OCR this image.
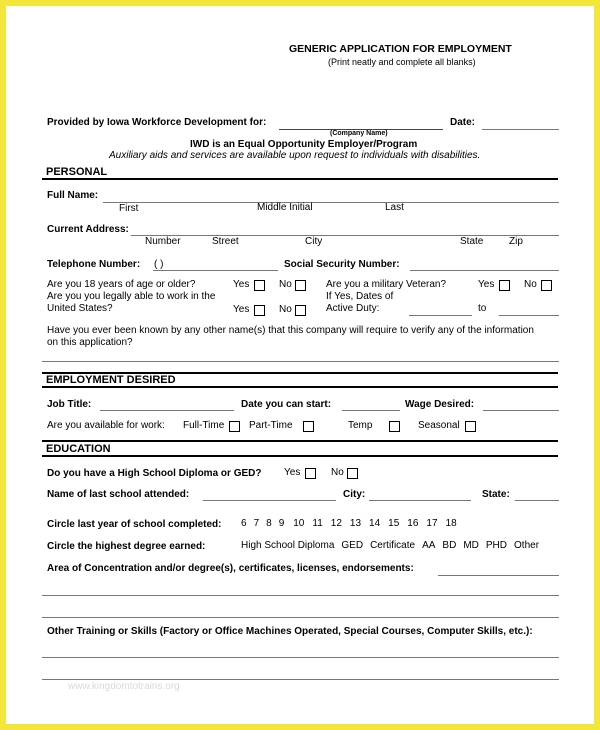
GENERIC APPLICATION FOR EMPLOYMENT
(Print neatly and complete all blanks)
Provided by Iowa Workforce Development for:
(Company Name)
Date:
IWD is an Equal Opportunity Employer/Program
Auxiliary aids and services are available upon request to individuals with disabilities.
PERSONAL
Full Name:
First	Middle Initial	Last
Current Address:
Number	Street	City	State	Zip
Telephone Number: ( )	Social Security Number:
Are you 18 years of age or older?
Are you you legally able to work in the
United States?
Yes	No
Yes	No
Are you a military Veteran?	Yes	No
If Yes, Dates of
Active Duty:	to
Have you ever been known by any other name(s) that this company will require to verify any of the information
on this application?
EMPLOYMENT DESIRED
Job Title:	Date you can start:	Wage Desired:
Are you available for work: Full-Time Part-Time	Temp	Seasonal
EDUCATION
Do you have a High School Diploma or GED? Yes	No
Name of last school attended:	City:	State:
Circle last year of school completed: 6 7 8 9 10 11 12 13 14 15 16 17 18
Circle the highest degree earned:	High School Diploma GED Certificate AA BD MD PHD Other
Area of Concentration and/or degree(s), certificates, licenses, endorsements:
Other Training or Skills (Factory or Office Machines Operated, Special Courses, Computer Skills, etc.):
www.kingdomtotrains.org
